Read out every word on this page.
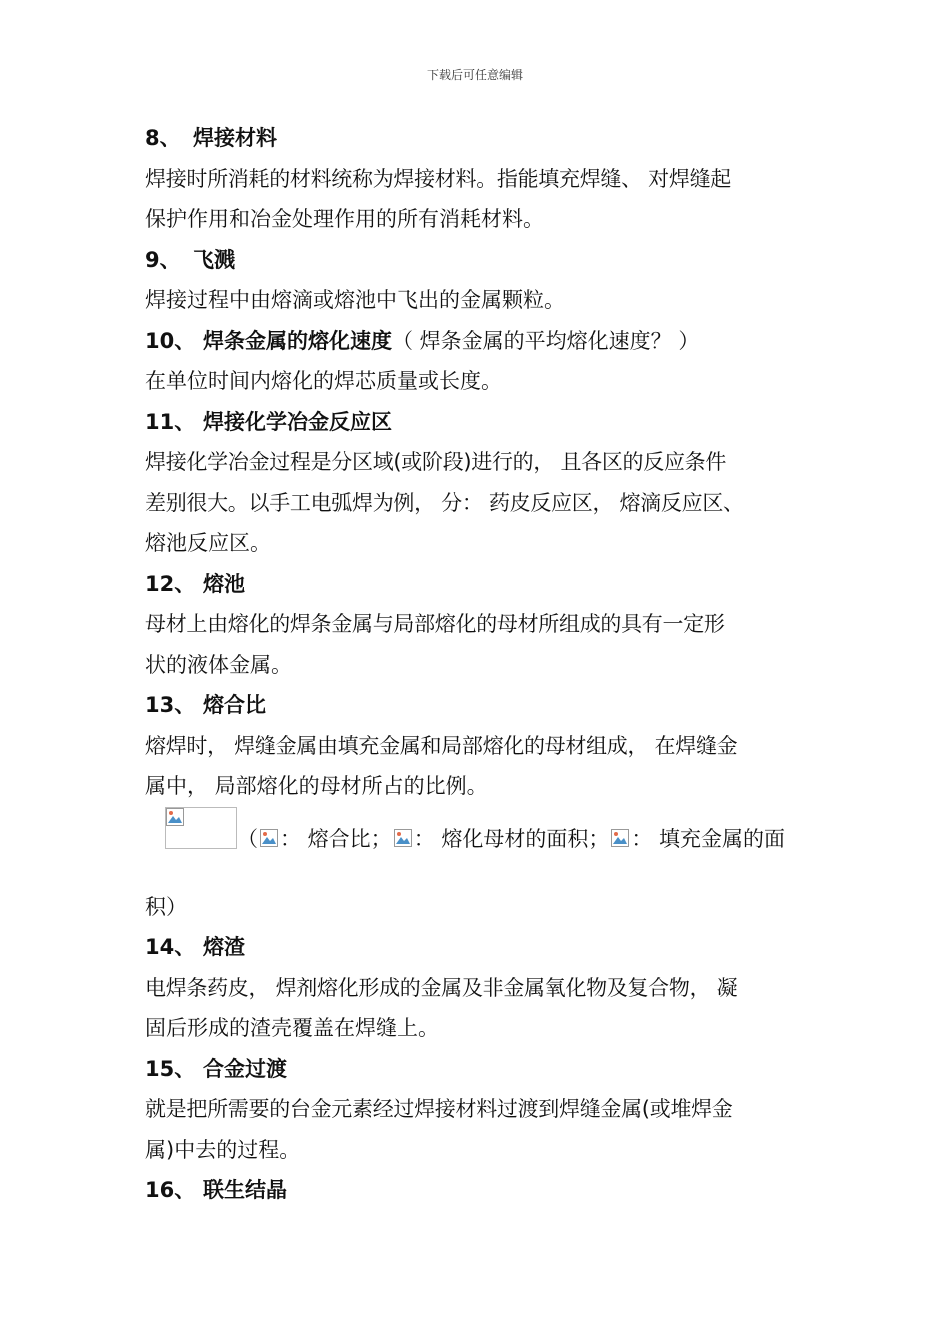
下载后可任意编辑
8、 焊接材料
焊接时所消耗的材料统称为焊接材料。指能填充焊缝、 对焊缝起
保护作用和冶金处理作用的所有消耗材料。
9、 飞溅
焊接过程中由熔滴或熔池中飞出的金属颗粒。
10、 焊条金属的熔化速度（ 焊条金属的平均熔化速度？ ）
在单位时间内熔化的焊芯质量或长度。
11、 焊接化学冶金反应区
焊接化学冶金过程是分区域(或阶段)进行的， 且各区的反应条件
差别很大。以手工电弧焊为例， 分： 药皮反应区， 熔滴反应区、
熔池反应区。
12、 熔池
母材上由熔化的焊条金属与局部熔化的母材所组成的具有一定形
状的液体金属。
13、 熔合比
熔焊时， 焊缝金属由填充金属和局部熔化的母材组成， 在焊缝金
属中， 局部熔化的母材所占的比例。
（ ： 熔合比； ： 熔化母材的面积； ： 填充金属的面
积）
14、 熔渣
电焊条药皮， 焊剂熔化形成的金属及非金属氧化物及复合物， 凝
固后形成的渣壳覆盖在焊缝上。
15、 合金过渡
就是把所需要的台金元素经过焊接材料过渡到焊缝金属(或堆焊金
属)中去的过程。
16、 联生结晶
